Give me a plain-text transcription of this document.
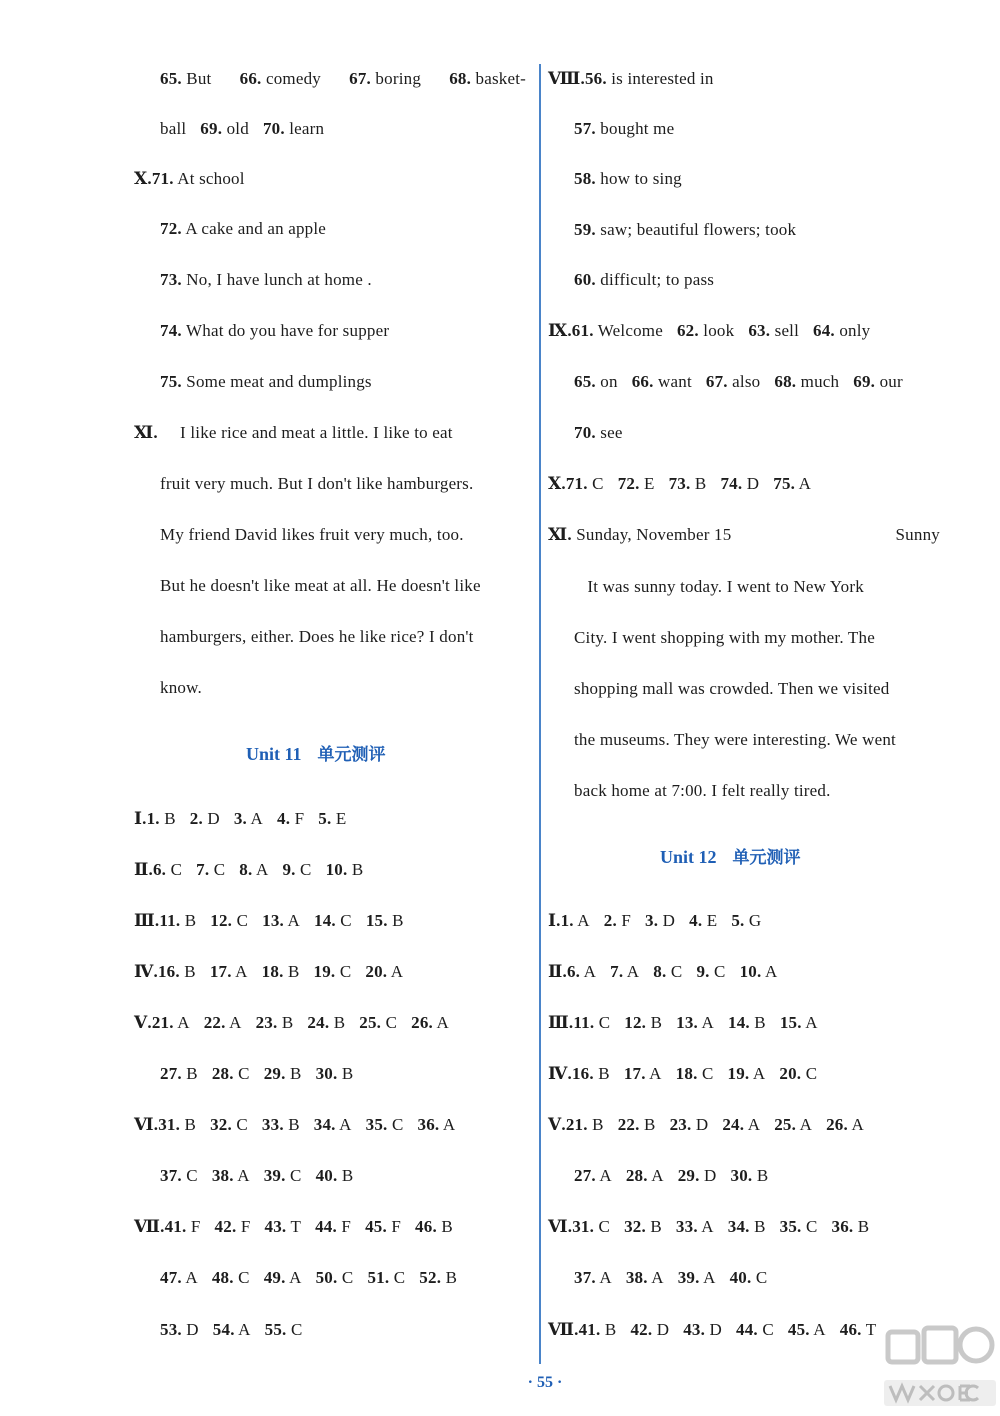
65. But 66. comedy 67. boring 68. basket-
ball 69. old 70. learn
Ⅹ.71. At school
72. A cake and an apple
73. No, I have lunch at home .
74. What do you have for supper
75. Some meat and dumplings
Ⅺ.     I like rice and meat a little. I like to eat
fruit very much. But I don't like hamburgers.
My friend David likes fruit very much, too.
But he doesn't like meat at all. He doesn't like
hamburgers, either. Does he like rice? I don't
know.
Ⅰ.1. B 2. D 3. A 4. F 5. E
Ⅱ.6. C 7. C 8. A 9. C 10. B
Ⅲ.11. B 12. C 13. A 14. C 15. B
Ⅳ.16. B 17. A 18. B 19. C 20. A
Ⅴ.21. A 22. A 23. B 24. B 25. C 26. A
27. B 28. C 29. B 30. B
Ⅵ.31. B 32. C 33. B 34. A 35. C 36. A
37. C 38. A 39. C 40. B
Ⅶ.41. F 42. F 43. T 44. F 45. F 46. B
47. A 48. C 49. A 50. C 51. C 52. B
53. D 54. A 55. C
Ⅷ.56. is interested in
57. bought me
58. how to sing
59. saw; beautiful flowers; took
60. difficult; to pass
Ⅸ.61. Welcome 62. look 63. sell 64. only
65. on 66. want 67. also 68. much 69. our
70. see
Ⅹ.71. C 72. E 73. B 74. D 75. A
Ⅺ. Sunday, November 15	Sunny
It was sunny today. I went to New York
City. I went shopping with my mother. The
shopping mall was crowded. Then we visited
the museums. They were interesting. We went
back home at 7:00. I felt really tired.
Ⅰ.1. A 2. F 3. D 4. E 5. G
Ⅱ.6. A 7. A 8. C 9. C 10. A
Ⅲ.11. C 12. B 13. A 14. B 15. A
Ⅳ.16. B 17. A 18. C 19. A 20. C
Ⅴ.21. B 22. B 23. D 24. A 25. A 26. A
27. A 28. A 29. D 30. B
Ⅵ.31. C 32. B 33. A 34. B 35. C 36. B
37. A 38. A 39. A 40. C
Ⅶ.41. B 42. D 43. D 44. C 45. A 46. T
Unit 11 单元测评
Unit 12 单元测评
· 55 ·
